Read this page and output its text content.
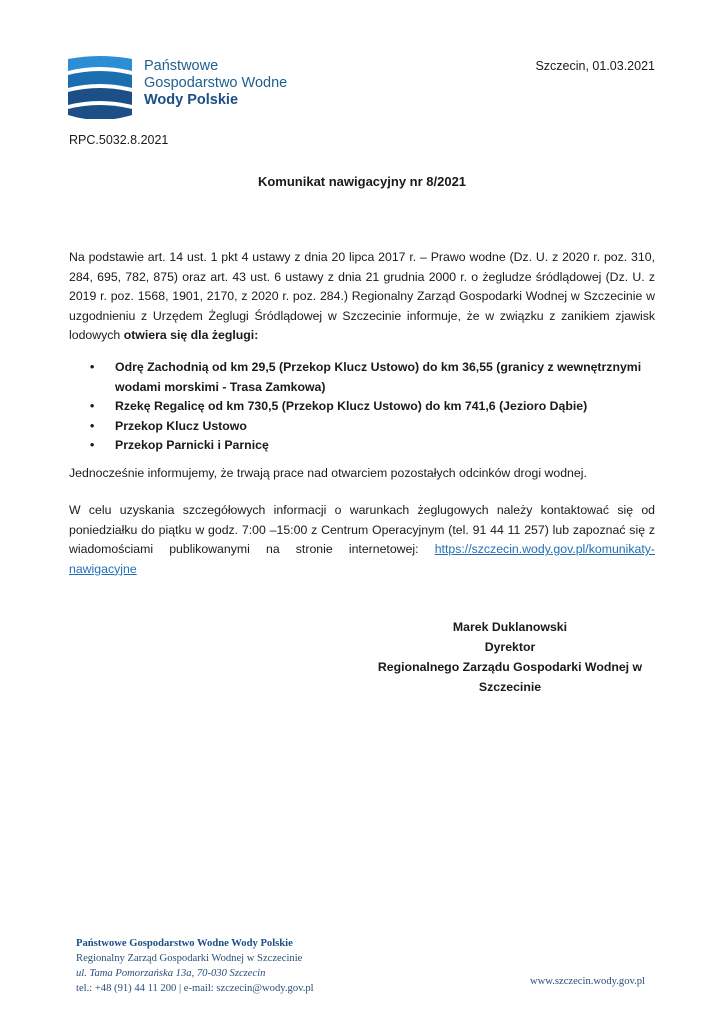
Państwowe
Gospodarstwo Wodne
Wody Polskie
Szczecin, 01.03.2021
RPC.5032.8.2021
Komunikat nawigacyjny nr 8/2021
Na podstawie art. 14 ust. 1 pkt 4 ustawy z dnia 20 lipca 2017 r. – Prawo wodne (Dz. U. z 2020 r. poz. 310, 284, 695, 782, 875) oraz art. 43 ust. 6 ustawy z dnia 21 grudnia 2000 r. o żegludze śródlądowej (Dz. U. z 2019 r. poz. 1568, 1901, 2170, z 2020 r. poz. 284.) Regionalny Zarząd Gospodarki Wodnej w Szczecinie w uzgodnieniu z Urzędem Żeglugi Śródlądowej w Szczecinie informuje, że w związku z zanikiem zjawisk lodowych otwiera się dla żeglugi:
• Odrę Zachodnią od km 29,5 (Przekop Klucz Ustowo) do km 36,55 (granicy z wewnętrznymi wodami morskimi - Trasa Zamkowa)
• Rzekę Regalicę od km 730,5 (Przekop Klucz Ustowo) do km 741,6 (Jezioro Dąbie)
• Przekop Klucz Ustowo
• Przekop Parnicki i Parnicę
Jednocześnie informujemy, że trwają prace nad otwarciem pozostałych odcinków drogi wodnej.
W celu uzyskania szczegółowych informacji o warunkach żeglugowych należy kontaktować się od poniedziałku do piątku w godz. 7:00 –15:00 z Centrum Operacyjnym (tel. 91 44 11 257) lub zapoznać się z wiadomościami publikowanymi na stronie internetowej: https://szczecin.wody.gov.pl/komunikaty-nawigacyjne
Marek Duklanowski
Dyrektor
Regionalnego Zarządu Gospodarki Wodnej w
Szczecinie
Państwowe Gospodarstwo Wodne Wody Polskie
Regionalny Zarząd Gospodarki Wodnej w Szczecinie
ul. Tama Pomorzańska 13a, 70-030 Szczecin
tel.: +48 (91) 44 11 200 | e-mail: szczecin@wody.gov.pl
www.szczecin.wody.gov.pl
